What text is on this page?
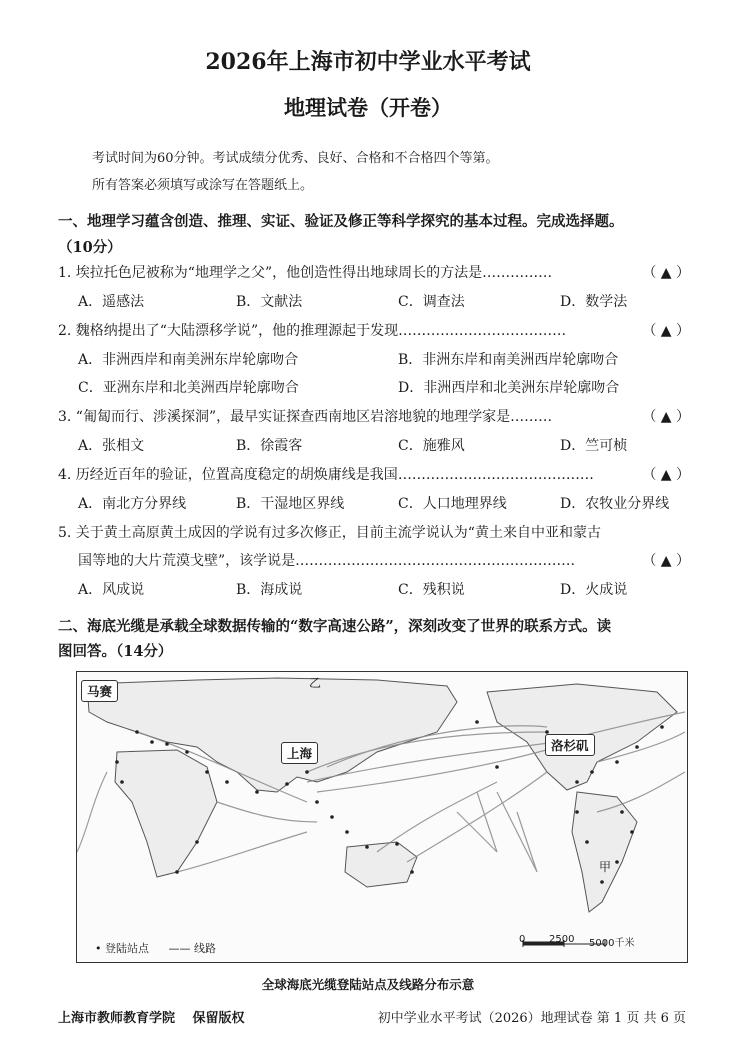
2026年上海市初中学业水平考试
地理试卷（开卷）
考试时间为60分钟。考试成绩分优秀、良好、合格和不合格四个等第。
所有答案必须填写或涂写在答题纸上。
一、地理学习蕴含创造、推理、实证、验证及修正等科学探究的基本过程。完成选择题。
（10分）
1. 埃拉托色尼被称为“地理学之父”，他创造性得出地球周长的方法是……………	（ ▲ ）
A．遥感法	B．文献法	C．调查法	D．数学法
2. 魏格纳提出了“大陆漂移学说”，他的推理源起于发现………………………………	（ ▲ ）
A．非洲西岸和南美洲东岸轮廓吻合	B．非洲东岸和南美洲西岸轮廓吻合
C．亚洲东岸和北美洲西岸轮廓吻合	D．非洲西岸和北美洲东岸轮廓吻合
3. “匍匐而行、涉溪探洞”，最早实证探查西南地区岩溶地貌的地理学家是………	（ ▲ ）
A．张相文	B．徐霞客	C．施雅风	D．竺可桢
4. 历经近百年的验证，位置高度稳定的胡焕庸线是我国……………………………………	（ ▲ ）
A．南北方分界线	B．干湿地区界线	C．人口地理界线	D．农牧业分界线
5. 关于黄土高原黄土成因的学说有过多次修正，目前主流学说认为“黄土来自中亚和蒙古
国等地的大片荒漠戈壁”，该学说是……………………………………………………	（ ▲ ）
A．风成说	B．海成说	C．残积说	D．火成说
二、海底光缆是承载全球数据传输的“数字高速公路”，深刻改变了世界的联系方式。读
图回答。（14分）
马赛
上海
洛杉矶
乙
甲
• 登陆站点 —— 线路
0 2500 5000千米
全球海底光缆登陆站点及线路分布示意
上海市教师教育学院　 保留版权	初中学业水平考试（2026）地理试卷 第 1 页 共 6 页
